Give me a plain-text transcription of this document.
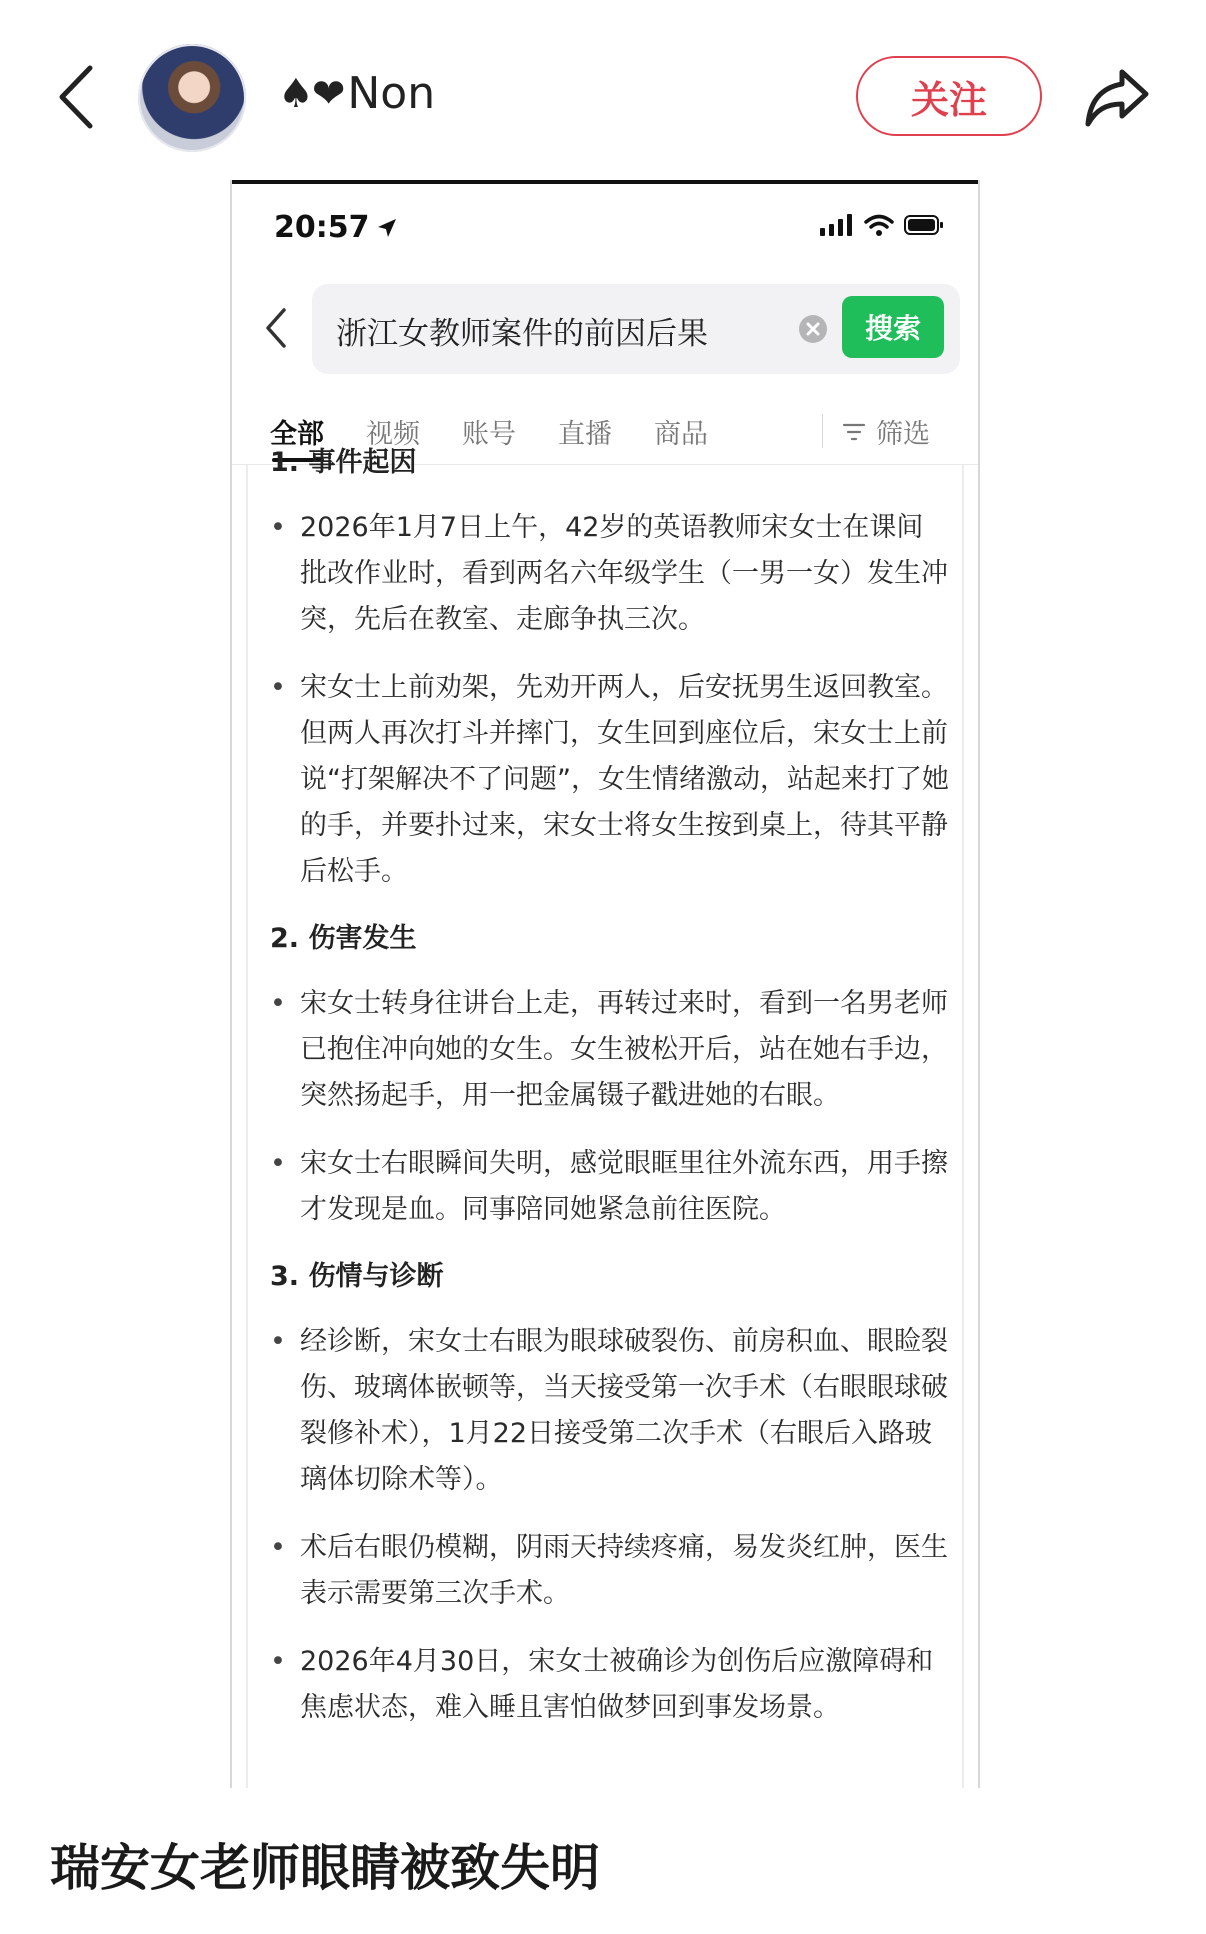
♠❤ Non	关注
20:57
浙江女教师案件的前因后果	搜索
全部 视频 账号 直播 商品	筛选
1. 事件起因
• 2026年1月7日上午，42岁的英语教师宋女士在课间批改作业时，看到两名六年级学生（一男一女）发生冲突，先后在教室、走廊争执三次。
• 宋女士上前劝架，先劝开两人，后安抚男生返回教室。但两人再次打斗并摔门，女生回到座位后，宋女士上前说“打架解决不了问题”，女生情绪激动，站起来打了她的手，并要扑过来，宋女士将女生按到桌上，待其平静后松手。
2. 伤害发生
• 宋女士转身往讲台上走，再转过来时，看到一名男老师已抱住冲向她的女生。女生被松开后，站在她右手边，突然扬起手，用一把金属镊子戳进她的右眼。
• 宋女士右眼瞬间失明，感觉眼眶里往外流东西，用手擦才发现是血。同事陪同她紧急前往医院。
3. 伤情与诊断
• 经诊断，宋女士右眼为眼球破裂伤、前房积血、眼睑裂伤、玻璃体嵌顿等，当天接受第一次手术（右眼眼球破裂修补术），1月22日接受第二次手术（右眼后入路玻璃体切除术等）。
• 术后右眼仍模糊，阴雨天持续疼痛，易发炎红肿，医生表示需要第三次手术。
• 2026年4月30日，宋女士被确诊为创伤后应激障碍和焦虑状态，难入睡且害怕做梦回到事发场景。
瑞安女老师眼睛被致失明
